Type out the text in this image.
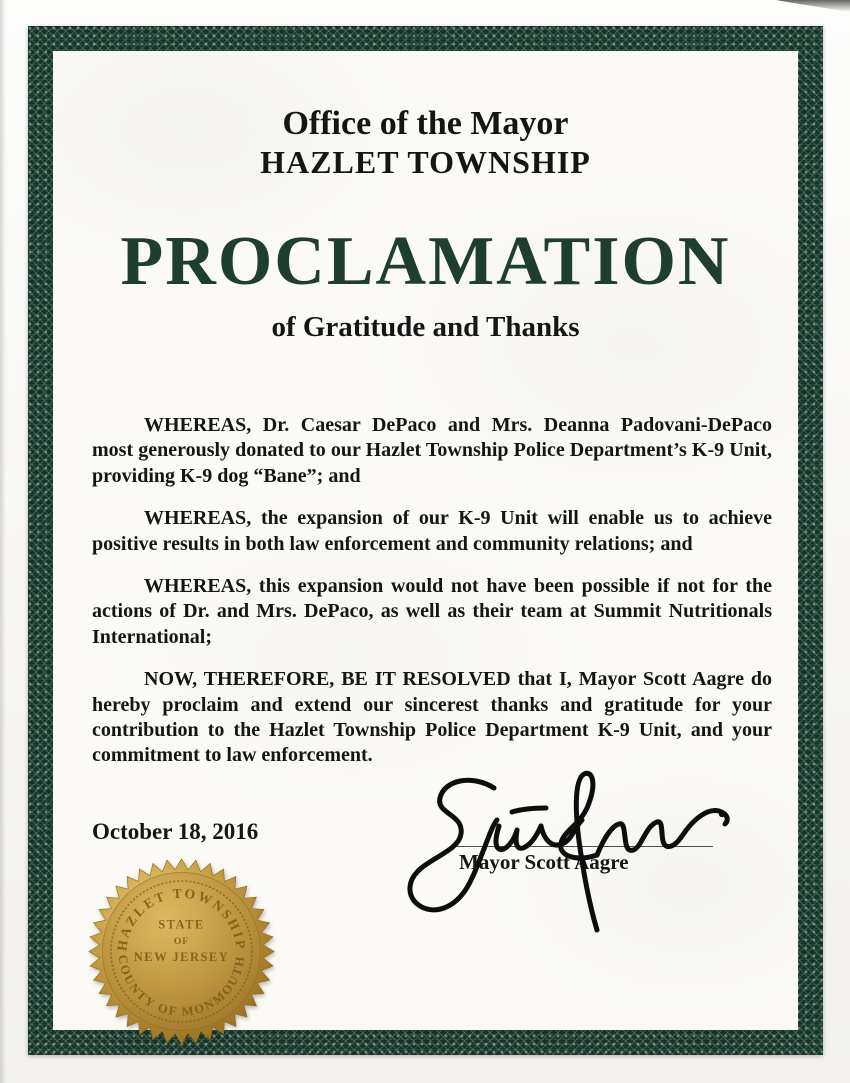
Office of the Mayor
HAZLET TOWNSHIP
PROCLAMATION
of Gratitude and Thanks

WHEREAS, Dr. Caesar DePaco and Mrs. Deanna Padovani-DePaco most generously donated to our Hazlet Township Police Department’s K-9 Unit, providing K-9 dog “Bane”; and

WHEREAS, the expansion of our K-9 Unit will enable us to achieve positive results in both law enforcement and community relations; and

WHEREAS, this expansion would not have been possible if not for the actions of Dr. and Mrs. DePaco, as well as their team at Summit Nutritionals International;

NOW, THEREFORE, BE IT RESOLVED that I, Mayor Scott Aagre do hereby proclaim and extend our sincerest thanks and gratitude for your contribution to the Hazlet Township Police Department K-9 Unit, and your commitment to law enforcement.

October 18, 2016
Mayor Scott Aagre
HAZLET TOWNSHIP
COUNTY OF MONMOUTH
STATE
OF
NEW JERSEY
